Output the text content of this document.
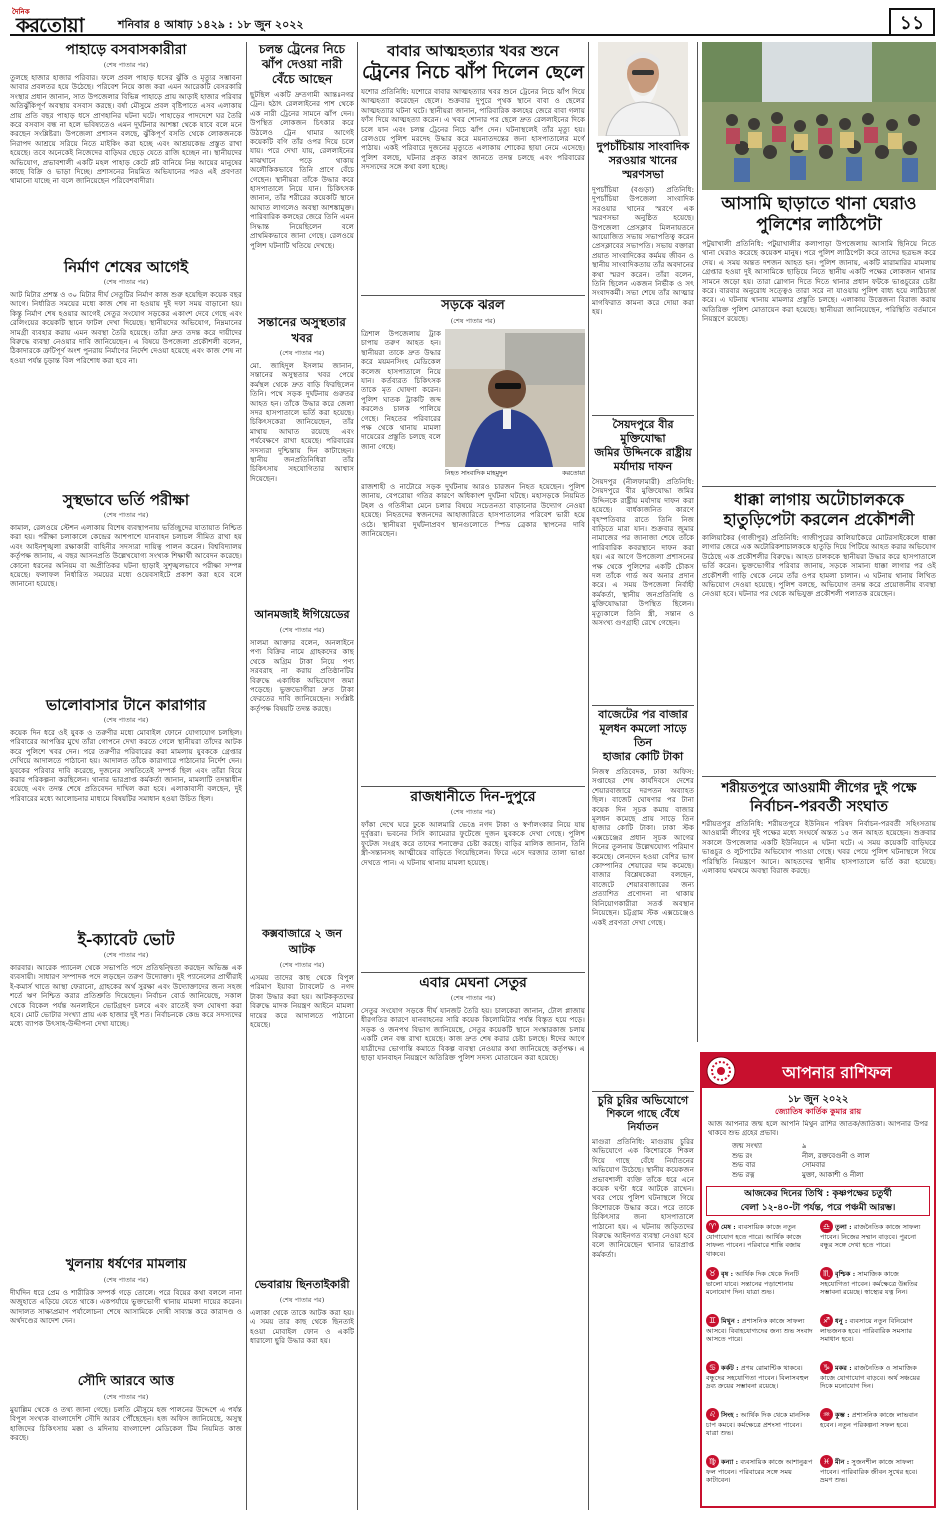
দৈনিক
করতোয়া	শনিবার ৪ আষাঢ় ১৪২৯ : ১৮ জুন ২০২২	১১
পাহাড়ে বসবাসকারীরা
(শেষ পাতার পর)
তুলছে হাজার হাজার পরিবার। ফলে প্রবল পাহাড় ধসের ঝুঁকি ও মৃত্যুর সম্ভাবনা আবার প্রবলতর হয়ে উঠেছে। পরিবেশ নিয়ে কাজ করা এমন আরেকটি বেসরকারি সংস্থার প্রধান জানান, সাত উপজেলার বিভিন্ন পাহাড়ে প্রায় আড়াই হাজার পরিবার অতিঝুঁকিপূর্ণ অবস্থায় বসবাস করছে। বর্ষা মৌসুমে প্রবল বৃষ্টিপাতে এসব এলাকায় প্রায় প্রতি বছর পাহাড় ধসে প্রাণহানির ঘটনা ঘটে। পাহাড়ের পাদদেশে ঘর তৈরি করে বসবাস বন্ধ না হলে ভবিষ্যতেও এমন দুর্ঘটনার আশঙ্কা থেকে যাবে বলে মনে করছেন সংশ্লিষ্টরা। উপজেলা প্রশাসন বলছে, ঝুঁকিপূর্ণ বসতি থেকে লোকজনকে নিরাপদ আশ্রয়ে সরিয়ে নিতে মাইকিং করা হচ্ছে এবং আশ্রয়কেন্দ্র প্রস্তুত রাখা হয়েছে। তবে অনেকেই নিজেদের বাড়িঘর ছেড়ে যেতে রাজি হচ্ছেন না। স্থানীয়দের অভিযোগ, প্রভাবশালী একটি মহল পাহাড় কেটে প্লট বানিয়ে নিম্ন আয়ের মানুষের কাছে বিক্রি ও ভাড়া দিচ্ছে। প্রশাসনের নিয়মিত অভিযানের পরও এই প্রবণতা থামানো যাচ্ছে না বলে জানিয়েছেন পরিবেশবাদীরা।
নির্মাণ শেষের আগেই
(শেষ পাতার পর)
আট মিটার প্রশস্ত ও ৩০ মিটার দীর্ঘ সেতুটির নির্মাণ কাজ শুরু হয়েছিল কয়েক বছর আগে। নির্ধারিত সময়ের মধ্যে কাজ শেষ না হওয়ায় দুই দফা সময় বাড়ানো হয়। কিন্তু নির্মাণ শেষ হওয়ার আগেই সেতুর সংযোগ সড়কের একাংশ দেবে গেছে এবং রেলিংয়ের কয়েকটি স্থানে ফাটল দেখা দিয়েছে। স্থানীয়দের অভিযোগ, নিম্নমানের সামগ্রী ব্যবহার করায় এমন অবস্থা তৈরি হয়েছে। তাঁরা দ্রুত তদন্ত করে দায়ীদের বিরুদ্ধে ব্যবস্থা নেওয়ার দাবি জানিয়েছেন। এ বিষয়ে উপজেলা প্রকৌশলী বলেন, ঠিকাদারকে ত্রুটিপূর্ণ অংশ পুনরায় নির্মাণের নির্দেশ দেওয়া হয়েছে এবং কাজ শেষ না হওয়া পর্যন্ত চূড়ান্ত বিল পরিশোধ করা হবে না।
সুস্থভাবে ভর্তি পরীক্ষা
(শেষ পাতার পর)
কামাল, রেলওয়ে স্টেশন এলাকায় বিশেষ ব্যবস্থাপনায় ভর্তিচ্ছুদের যাতায়াত নিশ্চিত করা হয়। পরীক্ষা চলাকালে কেন্দ্রের আশপাশে যানবাহন চলাচল সীমিত রাখা হয় এবং আইনশৃঙ্খলা রক্ষাকারী বাহিনীর সদস্যরা দায়িত্ব পালন করেন। বিশ্ববিদ্যালয় কর্তৃপক্ষ জানায়, এ বছর আসনপ্রতি উল্লেখযোগ্য সংখ্যক শিক্ষার্থী আবেদন করেছে। কোনো ধরনের অনিয়ম বা অপ্রীতিকর ঘটনা ছাড়াই সুশৃঙ্খলভাবে পরীক্ষা সম্পন্ন হয়েছে। ফলাফল নির্ধারিত সময়ের মধ্যে ওয়েবসাইটে প্রকাশ করা হবে বলে জানানো হয়েছে।
ভালোবাসার টানে কারাগার
(শেষ পাতার পর)
কয়েক দিন ধরে ওই যুবক ও তরুণীর মধ্যে মোবাইল ফোনে যোগাযোগ চলছিল। পরিবারের আপত্তির মুখে তাঁরা গোপনে দেখা করতে গেলে স্থানীয়রা তাঁদের আটক করে পুলিশে খবর দেন। পরে তরুণীর পরিবারের করা মামলায় যুবককে গ্রেপ্তার দেখিয়ে আদালতে পাঠানো হয়। আদালত তাঁকে কারাগারে পাঠানোর নির্দেশ দেন। যুবকের পরিবার দাবি করেছে, দুজনের সম্মতিতেই সম্পর্ক ছিল এবং তাঁরা বিয়ে করার পরিকল্পনা করছিলেন। থানার ভারপ্রাপ্ত কর্মকর্তা জানান, মামলাটি তদন্তাধীন রয়েছে এবং তদন্ত শেষে প্রতিবেদন দাখিল করা হবে। এলাকাবাসী বলছেন, দুই পরিবারের মধ্যে আলোচনার মাধ্যমে বিষয়টির সমাধান হওয়া উচিত ছিল।
ই-ক্যাবেট ভোট
(শেষ পাতার পর)
কারবার। আরেক প্যানেল থেকে সভাপতি পদে প্রতিদ্বন্দ্বিতা করছেন অভিজ্ঞ এক ব্যবসায়ী। সাধারণ সম্পাদক পদে লড়ছেন তরুণ উদ্যোক্তা। দুই প্যানেলের প্রার্থীরাই ই-কমার্স খাতে আস্থা ফেরানো, গ্রাহকের অর্থ সুরক্ষা এবং উদ্যোক্তাদের জন্য সহজ শর্তে ঋণ নিশ্চিত করার প্রতিশ্রুতি দিয়েছেন। নির্বাচন বোর্ড জানিয়েছে, সকাল থেকে বিকেল পর্যন্ত অনলাইনে ভোটগ্রহণ চলবে এবং রাতেই ফল ঘোষণা করা হবে। মোট ভোটার সংখ্যা প্রায় এক হাজার দুই শত। নির্বাচনকে কেন্দ্র করে সদস্যদের মধ্যে ব্যাপক উৎসাহ-উদ্দীপনা দেখা যাচ্ছে।
খুলনায় ধর্ষণের মামলায়
(শেষ পাতার পর)
দীর্ঘদিন ধরে প্রেম ও শারীরিক সম্পর্ক গড়ে তোলে। পরে বিয়ের কথা বললে নানা অজুহাতে এড়িয়ে যেতে থাকে। একপর্যায়ে ভুক্তভোগী থানায় মামলা দায়ের করেন। আদালত সাক্ষ্যপ্রমাণ পর্যালোচনা শেষে আসামিকে দোষী সাব্যস্ত করে কারাদণ্ড ও অর্থদণ্ডের আদেশ দেন।
সৌদি আরবে আত্ত
(শেষ পাতার পর)
মুয়াল্লিম থেকে ও তথ্য জানা গেছে। চলতি মৌসুমে হজ পালনের উদ্দেশে এ পর্যন্ত বিপুল সংখ্যক বাংলাদেশি সৌদি আরব পৌঁছেছেন। হজ অফিস জানিয়েছে, অসুস্থ হাজিদের চিকিৎসায় মক্কা ও মদিনায় বাংলাদেশ মেডিকেল টিম নিয়মিত কাজ করছে।
চলন্ত ট্রেনের নিচে ঝাঁপ দেওয়া নারী বেঁচে আছেন
ছুটছিল একটি দ্রুতগামী আন্তঃনগর ট্রেন। হঠাৎ রেললাইনের পাশ থেকে এক নারী ট্রেনের সামনে ঝাঁপ দেন। উপস্থিত লোকজন চিৎকার করে উঠলেও ট্রেন থামার আগেই কয়েকটি বগি তাঁর ওপর দিয়ে চলে যায়। পরে দেখা যায়, রেললাইনের মাঝখানে পড়ে থাকায় অলৌকিকভাবে তিনি প্রাণে বেঁচে গেছেন। স্থানীয়রা তাঁকে উদ্ধার করে হাসপাতালে নিয়ে যান। চিকিৎসক জানান, তাঁর শরীরের কয়েকটি স্থানে আঘাত লাগলেও অবস্থা আশঙ্কামুক্ত। পারিবারিক কলহের জেরে তিনি এমন সিদ্ধান্ত নিয়েছিলেন বলে প্রাথমিকভাবে জানা গেছে। রেলওয়ে পুলিশ ঘটনাটি খতিয়ে দেখছে।
সন্তানের অসুস্থতার খবর
(শেষ পাতার পর)
মো. জাহিদুল ইসলাম জানান, সন্তানের অসুস্থতার খবর পেয়ে কর্মস্থল থেকে দ্রুত বাড়ি ফিরছিলেন তিনি। পথে সড়ক দুর্ঘটনায় গুরুতর আহত হন। তাঁকে উদ্ধার করে জেলা সদর হাসপাতালে ভর্তি করা হয়েছে। চিকিৎসকেরা জানিয়েছেন, তাঁর মাথায় আঘাত রয়েছে এবং পর্যবেক্ষণে রাখা হয়েছে। পরিবারের সদস্যরা দুশ্চিন্তায় দিন কাটাচ্ছেন। স্থানীয় জনপ্রতিনিধিরা তাঁর চিকিৎসায় সহযোগিতার আশ্বাস দিয়েছেন।
আনমজাই ঈগিয়েডের
(শেষ পাতার পর)
সালমা আক্তার বলেন, অনলাইনে পণ্য বিক্রির নামে গ্রাহকদের কাছ থেকে অগ্রিম টাকা নিয়ে পণ্য সরবরাহ না করায় প্রতিষ্ঠানটির বিরুদ্ধে একাধিক অভিযোগ জমা পড়েছে। ভুক্তভোগীরা দ্রুত টাকা ফেরতের দাবি জানিয়েছেন। সংশ্লিষ্ট কর্তৃপক্ষ বিষয়টি তদন্ত করছে।
কক্সবাজারে ২ জন আটক
(শেষ পাতার পর)
এসময় তাদের কাছ থেকে বিপুল পরিমাণ ইয়াবা ট্যাবলেট ও নগদ টাকা উদ্ধার করা হয়। আটককৃতদের বিরুদ্ধে মাদক নিয়ন্ত্রণ আইনে মামলা দায়ের করে আদালতে পাঠানো হয়েছে।
ভেবারায় ছিনতাইকারী
(শেষ পাতার পর)
এলাকা থেকে তাকে আটক করা হয়। এ সময় তার কাছ থেকে ছিনতাই হওয়া মোবাইল ফোন ও একটি ধারালো ছুরি উদ্ধার করা হয়।
বাবার আত্মহত্যার খবর শুনে
ট্রেনের নিচে ঝাঁপ দিলেন ছেলে
যশোর প্রতিনিধি: যশোরে বাবার আত্মহত্যার খবর শুনে ট্রেনের নিচে ঝাঁপ দিয়ে আত্মহত্যা করেছেন ছেলে। শুক্রবার দুপুরে পৃথক স্থানে বাবা ও ছেলের আত্মহত্যার ঘটনা ঘটে। স্থানীয়রা জানান, পারিবারিক কলহের জেরে বাবা গলায় ফাঁস দিয়ে আত্মহত্যা করেন। এ খবর শোনার পর ছেলে দ্রুত রেললাইনের দিকে চলে যান এবং চলন্ত ট্রেনের নিচে ঝাঁপ দেন। ঘটনাস্থলেই তাঁর মৃত্যু হয়। রেলওয়ে পুলিশ মরদেহ উদ্ধার করে ময়নাতদন্তের জন্য হাসপাতালের মর্গে পাঠায়। একই পরিবারে দুজনের মৃত্যুতে এলাকায় শোকের ছায়া নেমে এসেছে। পুলিশ বলছে, ঘটনার প্রকৃত কারণ জানতে তদন্ত চলছে এবং পরিবারের সদস্যদের সঙ্গে কথা বলা হচ্ছে।
সড়কে ঝরল
(শেষ পাতার পর)
ত্রিশাল উপজেলায় ট্রাক চাপায় তরুণ আহত হন। স্থানীয়রা তাকে দ্রুত উদ্ধার করে ময়মনসিংহ মেডিকেল কলেজ হাসপাতালে নিয়ে যান। কর্তব্যরত চিকিৎসক তাকে মৃত ঘোষণা করেন। পুলিশ ঘাতক ট্রাকটি জব্দ করলেও চালক পালিয়ে গেছে। নিহতের পরিবারের পক্ষ থেকে থানায় মামলা দায়েরের প্রস্তুতি চলছে বলে জানা গেছে।
নিহত সাংবাদিক মাহমুদুল	করতোয়া
রাজশাহী ও নাটোরে সড়ক দুর্ঘটনায় আরও চারজন নিহত হয়েছেন। পুলিশ জানায়, বেপরোয়া গতির কারণে অধিকাংশ দুর্ঘটনা ঘটছে। মহাসড়কে নিয়মিত টহল ও গতিসীমা মেনে চলার বিষয়ে সচেতনতা বাড়ানোর উদ্যোগ নেওয়া হয়েছে। নিহতদের স্বজনদের আহাজারিতে হাসপাতালের পরিবেশ ভারী হয়ে ওঠে। স্থানীয়রা দুর্ঘটনাপ্রবণ স্থানগুলোতে স্পিড ব্রেকার স্থাপনের দাবি জানিয়েছেন।
রাজধানীতে দিন-দুপুরে
(শেষ পাতার পর)
ফাঁকা দেখে ঘরে ঢুকে আলমারি ভেঙে নগদ টাকা ও স্বর্ণালংকার নিয়ে যায় দুর্বৃত্তরা। ভবনের সিসি ক্যামেরার ফুটেজে দুজন যুবককে দেখা গেছে। পুলিশ ফুটেজ সংগ্রহ করে তাদের শনাক্তের চেষ্টা করছে। বাড়ির মালিক জানান, তিনি স্ত্রী-সন্তানসহ আত্মীয়ের বাড়িতে গিয়েছিলেন। ফিরে এসে দরজার তালা ভাঙা দেখতে পান। এ ঘটনায় থানায় মামলা হয়েছে।
এবার মেঘনা সেতুর
(শেষ পাতার পর)
সেতুর সংযোগ সড়কে দীর্ঘ যানজট তৈরি হয়। চালকেরা জানান, টোল প্লাজায় ধীরগতির কারণে যানবাহনের সারি কয়েক কিলোমিটার পর্যন্ত বিস্তৃত হয়ে পড়ে। সড়ক ও জনপথ বিভাগ জানিয়েছে, সেতুর কয়েকটি স্থানে সংস্কারকাজ চলায় একটি লেন বন্ধ রাখা হয়েছে। কাজ দ্রুত শেষ করার চেষ্টা চলছে। ঈদের আগে যাত্রীদের ভোগান্তি কমাতে বিকল্প ব্যবস্থা নেওয়ার কথা জানিয়েছে কর্তৃপক্ষ। এ ছাড়া যানবাহন নিয়ন্ত্রণে অতিরিক্ত পুলিশ সদস্য মোতায়েন করা হয়েছে।
দুপচাঁচিয়ায় সাংবাদিক
সরওয়ার খানের
স্মরণসভা
দুপচাঁচিয়া (বগুড়া) প্রতিনিধি: দুপচাঁচিয়া উপজেলা সাংবাদিক সরওয়ার খানের স্মরণে এক স্মরণসভা অনুষ্ঠিত হয়েছে। উপজেলা প্রেসক্লাব মিলনায়তনে আয়োজিত সভায় সভাপতিত্ব করেন প্রেসক্লাবের সভাপতি। সভায় বক্তারা প্রয়াত সাংবাদিকের কর্মময় জীবন ও স্থানীয় সাংবাদিকতায় তাঁর অবদানের কথা স্মরণ করেন। তাঁরা বলেন, তিনি ছিলেন একজন নির্ভীক ও সৎ সংবাদকর্মী। সভা শেষে তাঁর আত্মার মাগফিরাত কামনা করে দোয়া করা হয়।
সৈয়দপুরে বীর মুক্তিযোদ্ধা
জমির উদ্দিনকে রাষ্ট্রীয়
মর্যাদায় দাফন
সৈয়দপুর (নীলফামারী) প্রতিনিধি: সৈয়দপুরে বীর মুক্তিযোদ্ধা জমির উদ্দিনকে রাষ্ট্রীয় মর্যাদায় দাফন করা হয়েছে। বার্ধক্যজনিত কারণে বৃহস্পতিবার রাতে তিনি নিজ বাড়িতে মারা যান। শুক্রবার জুমার নামাজের পর জানাজা শেষে তাঁকে পারিবারিক কবরস্থানে দাফন করা হয়। এর আগে উপজেলা প্রশাসনের পক্ষ থেকে পুলিশের একটি চৌকস দল তাঁকে গার্ড অব অনার প্রদান করে। এ সময় উপজেলা নির্বাহী কর্মকর্তা, স্থানীয় জনপ্রতিনিধি ও মুক্তিযোদ্ধারা উপস্থিত ছিলেন। মৃত্যুকালে তিনি স্ত্রী, সন্তান ও অসংখ্য গুণগ্রাহী রেখে গেছেন।
বাজেটের পর বাজার
মূলধন কমলো সাড়ে তিন
হাজার কোটি টাকা
নিজস্ব প্রতিবেদক, ঢাকা অফিস: সপ্তাহের শেষ কার্যদিবসে দেশের শেয়ারবাজারে দরপতন অব্যাহত ছিল। বাজেট ঘোষণার পর টানা কয়েক দিন সূচক কমায় বাজার মূলধন কমেছে প্রায় সাড়ে তিন হাজার কোটি টাকা। ঢাকা স্টক এক্সচেঞ্জের প্রধান সূচক আগের দিনের তুলনায় উল্লেখযোগ্য পরিমাণ কমেছে। লেনদেন হওয়া বেশির ভাগ কোম্পানির শেয়ারের দাম কমেছে। বাজার বিশ্লেষকেরা বলছেন, বাজেটে শেয়ারবাজারের জন্য প্রত্যাশিত প্রণোদনা না থাকায় বিনিয়োগকারীরা সতর্ক অবস্থান নিয়েছেন। চট্টগ্রাম স্টক এক্সচেঞ্জেও একই প্রবণতা দেখা গেছে।
চুরি চুরির অভিযোগে
শিকলে গাছে বেঁধে নির্যাতন
মাগুরা প্রতিনিধি: মাগুরায় চুরির অভিযোগে এক কিশোরকে শিকল দিয়ে গাছে বেঁধে নির্যাতনের অভিযোগ উঠেছে। স্থানীয় কয়েকজন প্রভাবশালী ব্যক্তি তাঁকে ধরে এনে কয়েক ঘণ্টা ধরে আটকে রাখেন। খবর পেয়ে পুলিশ ঘটনাস্থলে গিয়ে কিশোরকে উদ্ধার করে। পরে তাকে চিকিৎসার জন্য হাসপাতালে পাঠানো হয়। এ ঘটনায় জড়িতদের বিরুদ্ধে আইনগত ব্যবস্থা নেওয়া হবে বলে জানিয়েছেন থানার ভারপ্রাপ্ত কর্মকর্তা।
আসামি ছাড়াতে থানা ঘেরাও
পুলিশের লাঠিপেটা
পটুয়াখালী প্রতিনিধি: পটুয়াখালীর কলাপাড়া উপজেলায় আসামি ছিনিয়ে নিতে থানা ঘেরাও করেছে কয়েকশ মানুষ। পরে পুলিশ লাঠিপেটা করে তাদের ছত্রভঙ্গ করে দেয়। এ সময় অন্তত দশজন আহত হন। পুলিশ জানায়, একটি মারামারির মামলায় গ্রেপ্তার হওয়া দুই আসামিকে ছাড়িয়ে নিতে স্থানীয় একটি পক্ষের লোকজন থানার সামনে জড়ো হয়। তারা স্লোগান দিতে দিতে থানার প্রধান ফটকে ভাঙচুরের চেষ্টা করে। বারবার অনুরোধ সত্ত্বেও তারা সরে না যাওয়ায় পুলিশ বাধ্য হয়ে লাঠিচার্জ করে। এ ঘটনায় থানায় মামলার প্রস্তুতি চলছে। এলাকায় উত্তেজনা বিরাজ করায় অতিরিক্ত পুলিশ মোতায়েন করা হয়েছে। স্থানীয়রা জানিয়েছেন, পরিস্থিতি বর্তমানে নিয়ন্ত্রণে রয়েছে।
ধাক্কা লাগায় অটোচালককে
হাতুড়িপেটা করলেন প্রকৌশলী
কালিয়াকৈর (গাজীপুর) প্রতিনিধি: গাজীপুরের কালিয়াকৈরে মোটরসাইকেলে ধাক্কা লাগার জেরে এক অটোরিকশাচালককে হাতুড়ি দিয়ে পিটিয়ে আহত করার অভিযোগ উঠেছে এক প্রকৌশলীর বিরুদ্ধে। আহত চালককে স্থানীয়রা উদ্ধার করে হাসপাতালে ভর্তি করেন। ভুক্তভোগীর পরিবার জানায়, সড়কে সামান্য ধাক্কা লাগার পর ওই প্রকৌশলী গাড়ি থেকে নেমে তাঁর ওপর হামলা চালান। এ ঘটনায় থানায় লিখিত অভিযোগ দেওয়া হয়েছে। পুলিশ বলছে, অভিযোগ তদন্ত করে প্রয়োজনীয় ব্যবস্থা নেওয়া হবে। ঘটনার পর থেকে অভিযুক্ত প্রকৌশলী পলাতক রয়েছেন।
শরীয়তপুরে আওয়ামী লীগের দুই পক্ষে
নির্বাচন-পরবর্তী সংঘাত
শরীয়তপুর প্রতিনিধি: শরীয়তপুরে ইউনিয়ন পরিষদ নির্বাচন-পরবর্তী সহিংসতায় আওয়ামী লীগের দুই পক্ষের মধ্যে সংঘর্ষে অন্তত ১৫ জন আহত হয়েছেন। শুক্রবার সকালে উপজেলার একটি ইউনিয়নে এ ঘটনা ঘটে। এ সময় কয়েকটি বাড়িঘরে ভাঙচুর ও লুটপাটের অভিযোগ পাওয়া গেছে। খবর পেয়ে পুলিশ ঘটনাস্থলে গিয়ে পরিস্থিতি নিয়ন্ত্রণে আনে। আহতদের স্থানীয় হাসপাতালে ভর্তি করা হয়েছে। এলাকায় থমথমে অবস্থা বিরাজ করছে।
আপনার রাশিফল
১৮ জুন ২০২২
জ্যোতিষ কার্তিক কুমার রায়
আজ আপনার জন্ম হলে আপনি মিথুন রাশির জাতক/জাতিকা। আপনার উপর থাকবে শুভ গ্রহের প্রভাব।
জন্ম সংখ্যা	৯
শুভ রং	নীল, রক্তবেগুনী ও লাল
শুভ বার	সোমবার
শুভ রত্ন	মুক্তা, আকাশী ও নীলা
আজকের দিনের তিথি : কৃষ্ণপক্ষের চতুর্থী
বেলা ১২-৪০-টা পর্যন্ত, পরে পঞ্চমী আরম্ভ।
♈ মেষ : ব্যবসায়িক কাজে নতুন যোগাযোগ হতে পারে। আর্থিক কাজে সাফল্য পাবেন। পরিবারে শান্তি বজায় থাকবে।
♎ তুলা : রাজনৈতিক কাজে সাফল্য পাবেন। নিজের সম্মান বাড়বে। পুরনো বন্ধুর সঙ্গে দেখা হতে পারে।
♉ বৃষ : আর্থিক দিক থেকে দিনটি ভালো যাবে। সন্তানের পড়াশোনায় মনোযোগ দিন। যাত্রা শুভ।
♏ বৃশ্চিক : সামাজিক কাজে সহযোগিতা পাবেন। কর্মক্ষেত্রে উন্নতির সম্ভাবনা রয়েছে। স্বাস্থ্যের যত্ন নিন।
♊ মিথুন : প্রশাসনিক কাজে সাফল্য আসবে। বিবাহযোগ্যদের জন্য শুভ সংবাদ আসতে পারে।
♐ ধনু : ব্যবসায়ে নতুন বিনিয়োগ লাভজনক হবে। পারিবারিক সমস্যার সমাধান হবে।
♋ কর্কট : প্রণয় রোমান্টিক থাকবে। বন্ধুদের সহযোগিতা পাবেন। বিলাসবহুল দ্রব্য ক্রয়ের সম্ভাবনা রয়েছে।
♑ মকর : রাজনৈতিক ও সামাজিক কাজে যোগাযোগ বাড়বে। অর্থ সঞ্চয়ের দিকে মনোযোগ দিন।
♌ সিংহ : আর্থিক দিক থেকে মানসিক চাপ কমবে। কর্মক্ষেত্রে প্রশংসা পাবেন। যাত্রা শুভ।
♒ কুম্ভ : প্রশাসনিক কাজে লাভবান হবেন। নতুন পরিকল্পনা সফল হবে।
♍ কন্যা : ব্যবসায়িক কাজে আশানুরূপ ফল পাবেন। পরিবারের সঙ্গে সময় কাটাবেন।
♓ মীন : সুজনশীল কাজে সাফল্য পাবেন। পারিবারিক জীবন সুখের হবে। ভ্রমণ শুভ।
